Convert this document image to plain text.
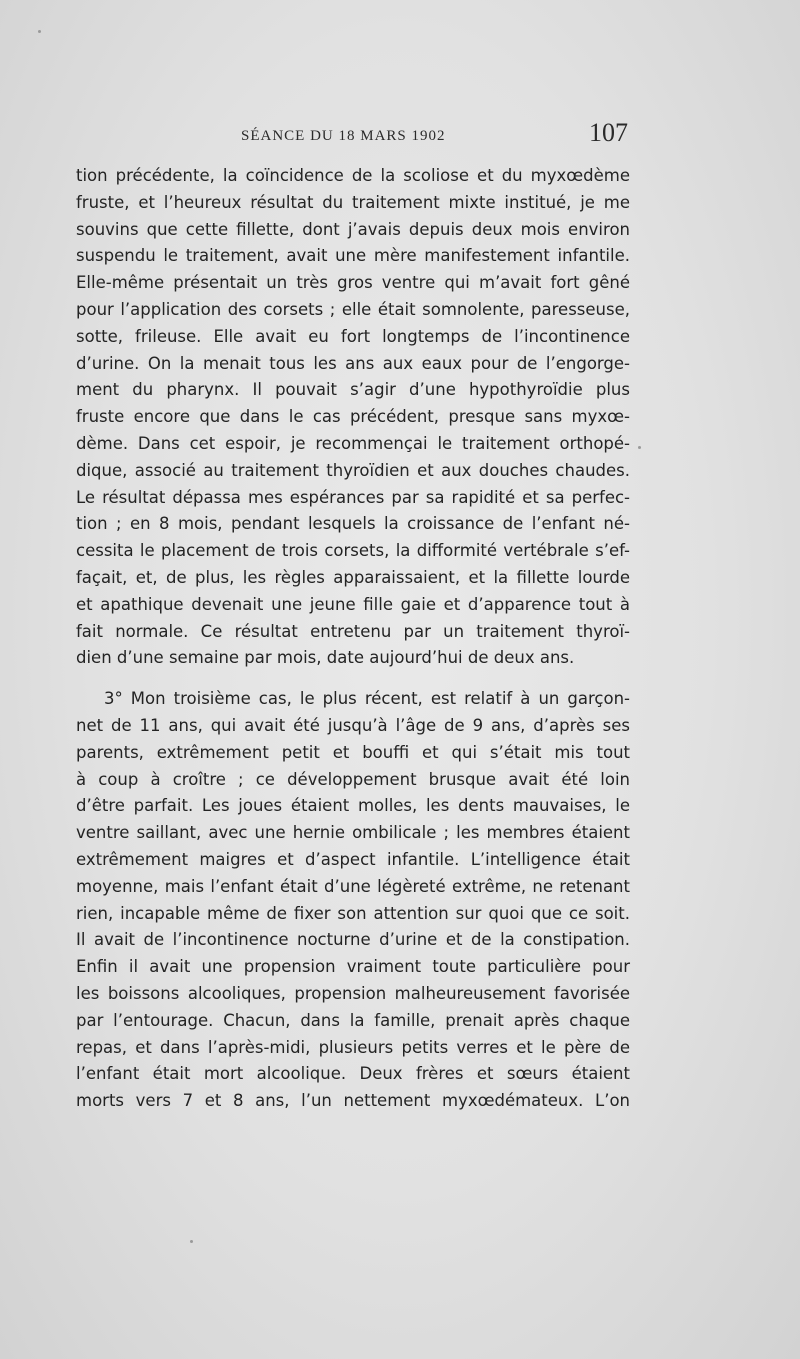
SÉANCE DU 18 MARS 1902	107

tion précédente, la coïncidence de la scoliose et du myxœdème
fruste, et l’heureux résultat du traitement mixte institué, je me
souvins que cette fillette, dont j’avais depuis deux mois environ
suspendu le traitement, avait une mère manifestement infantile.
Elle-même présentait un très gros ventre qui m’avait fort gêné
pour l’application des corsets ; elle était somnolente, paresseuse,
sotte, frileuse. Elle avait eu fort longtemps de l’incontinence
d’urine. On la menait tous les ans aux eaux pour de l’engorge-
ment du pharynx. Il pouvait s’agir d’une hypothyroïdie plus
fruste encore que dans le cas précédent, presque sans myxœ-
dème. Dans cet espoir, je recommençai le traitement orthopé-
dique, associé au traitement thyroïdien et aux douches chaudes.
Le résultat dépassa mes espérances par sa rapidité et sa perfec-
tion ; en 8 mois, pendant lesquels la croissance de l’enfant né-
cessita le placement de trois corsets, la difformité vertébrale s’ef-
façait, et, de plus, les règles apparaissaient, et la fillette lourde
et apathique devenait une jeune fille gaie et d’apparence tout à
fait normale. Ce résultat entretenu par un traitement thyroï-
dien d’une semaine par mois, date aujourd’hui de deux ans.

3° Mon troisième cas, le plus récent, est relatif à un garçon-
net de 11 ans, qui avait été jusqu’à l’âge de 9 ans, d’après ses
parents, extrêmement petit et bouffi et qui s’était mis tout
à coup à croître ; ce développement brusque avait été loin
d’être parfait. Les joues étaient molles, les dents mauvaises, le
ventre saillant, avec une hernie ombilicale ; les membres étaient
extrêmement maigres et d’aspect infantile. L’intelligence était
moyenne, mais l’enfant était d’une légèreté extrême, ne retenant
rien, incapable même de fixer son attention sur quoi que ce soit.
Il avait de l’incontinence nocturne d’urine et de la constipation.
Enfin il avait une propension vraiment toute particulière pour
les boissons alcooliques, propension malheureusement favorisée
par l’entourage. Chacun, dans la famille, prenait après chaque
repas, et dans l’après-midi, plusieurs petits verres et le père de
l’enfant était mort alcoolique. Deux frères et sœurs étaient
morts vers 7 et 8 ans, l’un nettement myxœdémateux. L’on
